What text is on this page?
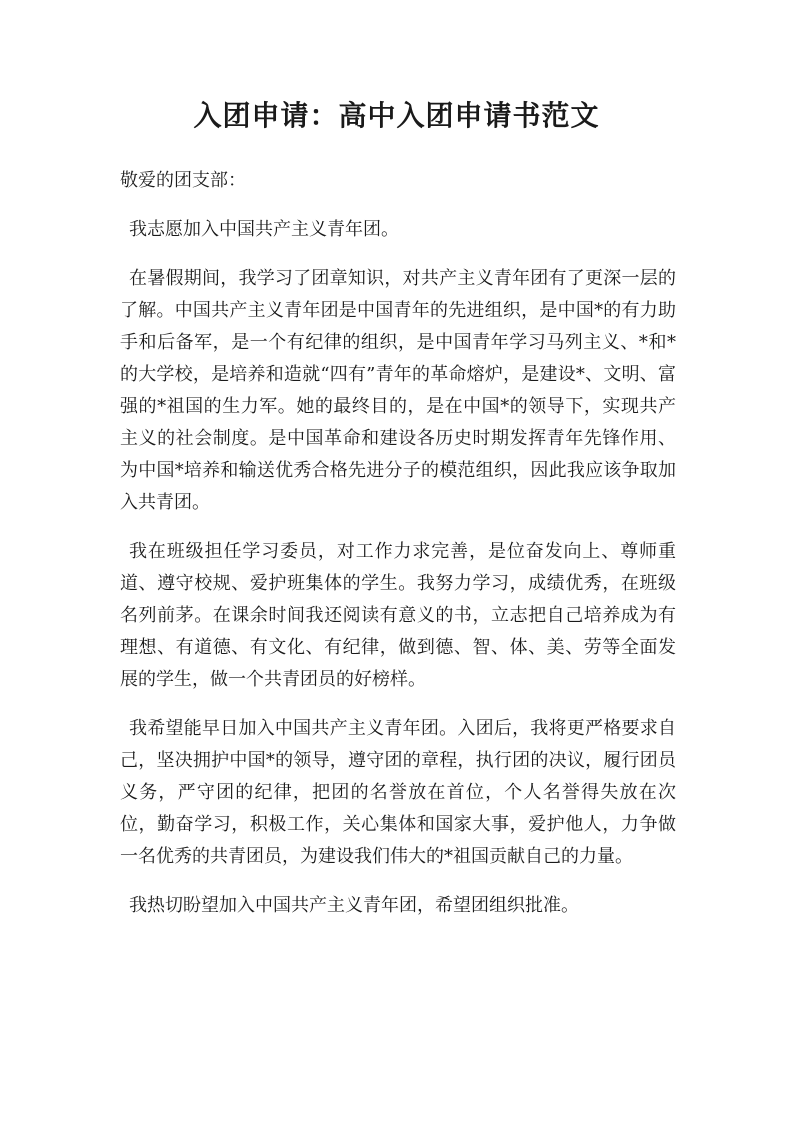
入团申请：高中入团申请书范文

敬爱的团支部：

我志愿加入中国共产主义青年团。

在暑假期间，我学习了团章知识，对共产主义青年团有了更深一层的了解。中国共产主义青年团是中国青年的先进组织，是中国*的有力助手和后备军，是一个有纪律的组织，是中国青年学习马列主义、*和*的大学校，是培养和造就“四有”青年的革命熔炉，是建设*、文明、富强的*祖国的生力军。她的最终目的，是在中国*的领导下，实现共产主义的社会制度。是中国革命和建设各历史时期发挥青年先锋作用、为中国*培养和输送优秀合格先进分子的模范组织，因此我应该争取加入共青团。

我在班级担任学习委员，对工作力求完善，是位奋发向上、尊师重道、遵守校规、爱护班集体的学生。我努力学习，成绩优秀，在班级名列前茅。在课余时间我还阅读有意义的书，立志把自己培养成为有理想、有道德、有文化、有纪律，做到德、智、体、美、劳等全面发展的学生，做一个共青团员的好榜样。

我希望能早日加入中国共产主义青年团。入团后，我将更严格要求自己，坚决拥护中国*的领导，遵守团的章程，执行团的决议，履行团员义务，严守团的纪律，把团的名誉放在首位，个人名誉得失放在次位，勤奋学习，积极工作，关心集体和国家大事，爱护他人，力争做一名优秀的共青团员，为建设我们伟大的*祖国贡献自己的力量。

我热切盼望加入中国共产主义青年团，希望团组织批准。
